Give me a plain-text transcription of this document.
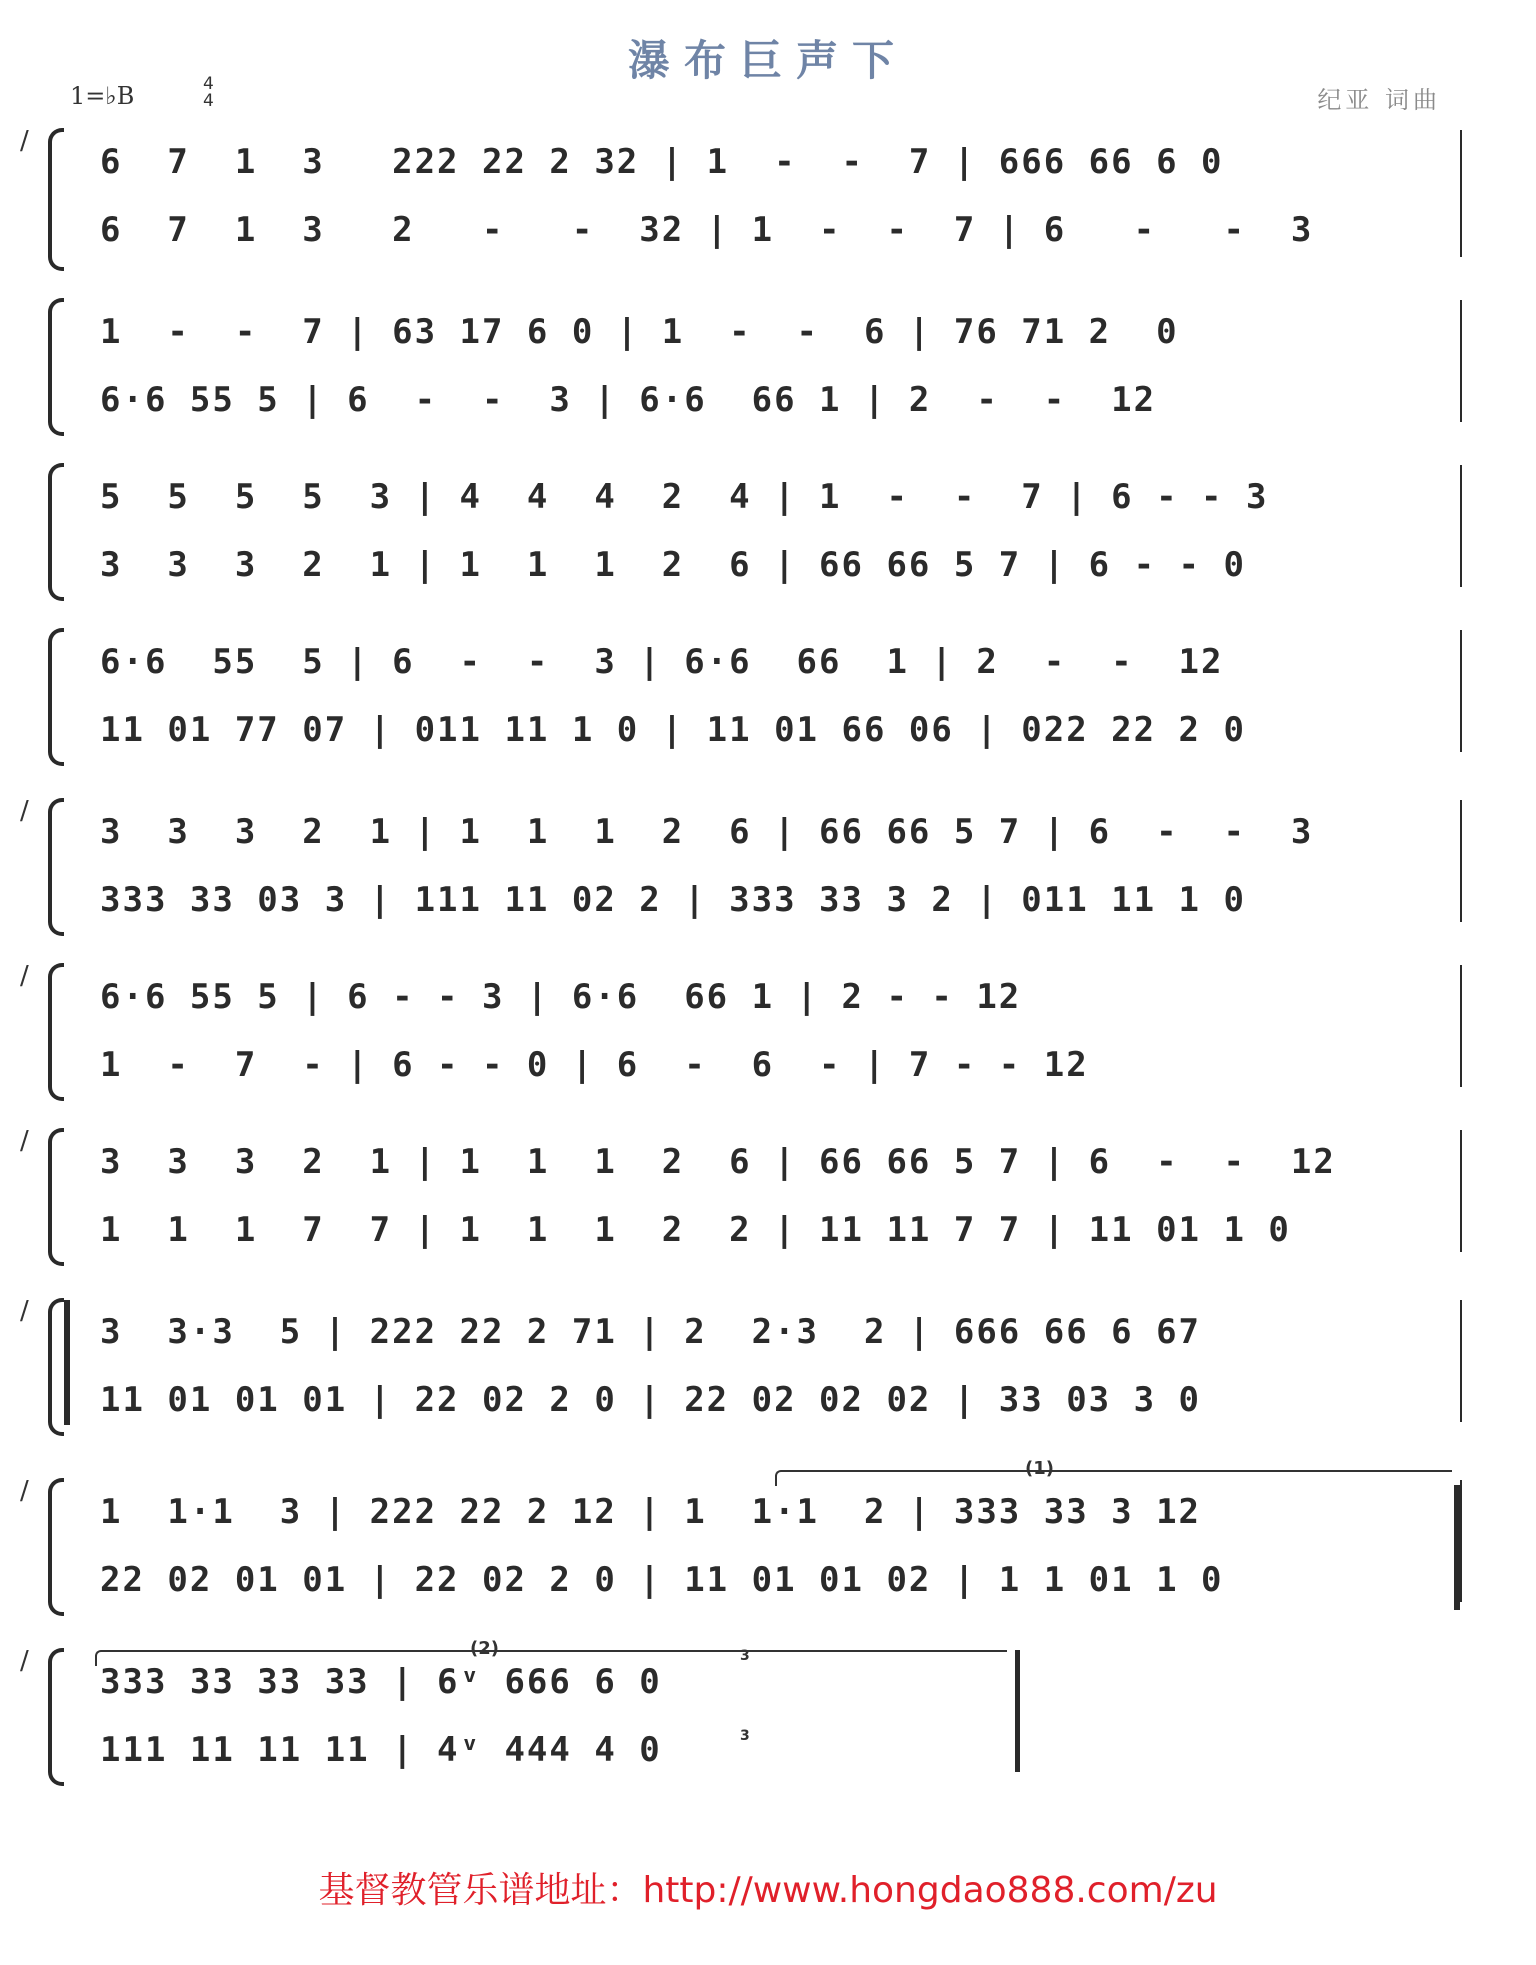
瀑布巨声下
1=♭B	4
4	纪亚 词曲
/
6  7  1  3   222 22 2 32 | 1  -  -  7 | 666 66 6 0
6  7  1  3   2   -   -  32 | 1  -  -  7 | 6   -   -  3
1  -  -  7 | 63 17 6 0 | 1  -  -  6 | 76 71 2  0
6·6 55 5 | 6  -  -  3 | 6·6  66 1 | 2  -  -  12
5  5  5  5  3 | 4  4  4  2  4 | 1  -  -  7 | 6 - - 3
3  3  3  2  1 | 1  1  1  2  6 | 66 66 5 7 | 6 - - 0
6·6  55  5 | 6  -  -  3 | 6·6  66  1 | 2  -  -  12
11 01 77 07 | 011 11 1 0 | 11 01 66 06 | 022 22 2 0
/
3  3  3  2  1 | 1  1  1  2  6 | 66 66 5 7 | 6  -  -  3
333 33 03 3 | 111 11 02 2 | 333 33 3 2 | 011 11 1 0
/
6·6 55 5 | 6 - - 3 | 6·6  66 1 | 2 - - 12
1  -  7  - | 6 - - 0 | 6  -  6  - | 7 - - 12
/
3  3  3  2  1 | 1  1  1  2  6 | 66 66 5 7 | 6  -  -  12
1  1  1  7  7 | 1  1  1  2  2 | 11 11 7 7 | 11 01 1 0
/
3  3·3  5 | 222 22 2 71 | 2  2·3  2 | 666 66 6 67
11 01 01 01 | 22 02 2 0 | 22 02 02 02 | 33 03 3 0
/
1  1·1  3 | 222 22 2 12 | 1  1·1  2 | 333 33 3 12
22 02 01 01 | 22 02 2 0 | 11 01 01 02 | 1 1 01 1 0
/
333 33 33 33 | 6ᵛ 666 6 0
111 11 11 11 | 4ᵛ 444 4 0
(1)
(2)	3
3
基督教管乐谱地址：http://www.hongdao888.com/zu
